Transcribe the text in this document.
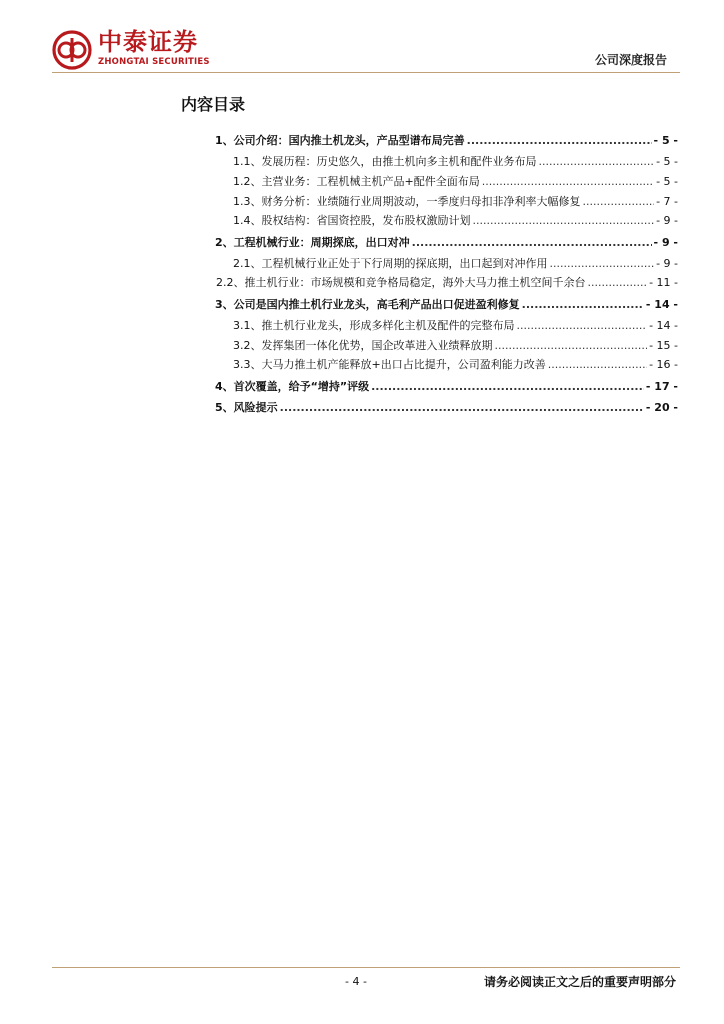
中泰证券
ZHONGTAI SECURITIES	公司深度报告
内容目录
1、 公司介绍：国内推土机龙头，产品型谱布局完善 .....	- 5 -
1.1、 发展历程：历史悠久，由推土机向多主机和配件业务布局 .....	- 5 -
1.2、 主营业务：工程机械主机产品+配件全面布局 .....	- 5 -
1.3、 财务分析：业绩随行业周期波动，一季度归母扣非净利率大幅修复 .....	- 7 -
1.4、 股权结构：省国资控股，发布股权激励计划 .....	- 9 -
2、 工程机械行业：周期探底，出口对冲 .....	- 9 -
2.1、 工程机械行业正处于下行周期的探底期，出口起到对冲作用 .....	- 9 -
2.2、 推土机行业：市场规模和竞争格局稳定，海外大马力推土机空间千余台 .....	- 11 -
3、 公司是国内推土机行业龙头，高毛利产品出口促进盈利修复 .....	- 14 -
3.1、 推土机行业龙头，形成多样化主机及配件的完整布局 .....	- 14 -
3.2、 发挥集团一体化优势，国企改革进入业绩释放期 .....	- 15 -
3.3、 大马力推土机产能释放+出口占比提升，公司盈利能力改善 .....	- 16 -
4、 首次覆盖，给予“增持”评级 .....	- 17 -
5、 风险提示 .....	- 20 -
- 4 -	请务必阅读正文之后的重要声明部分
